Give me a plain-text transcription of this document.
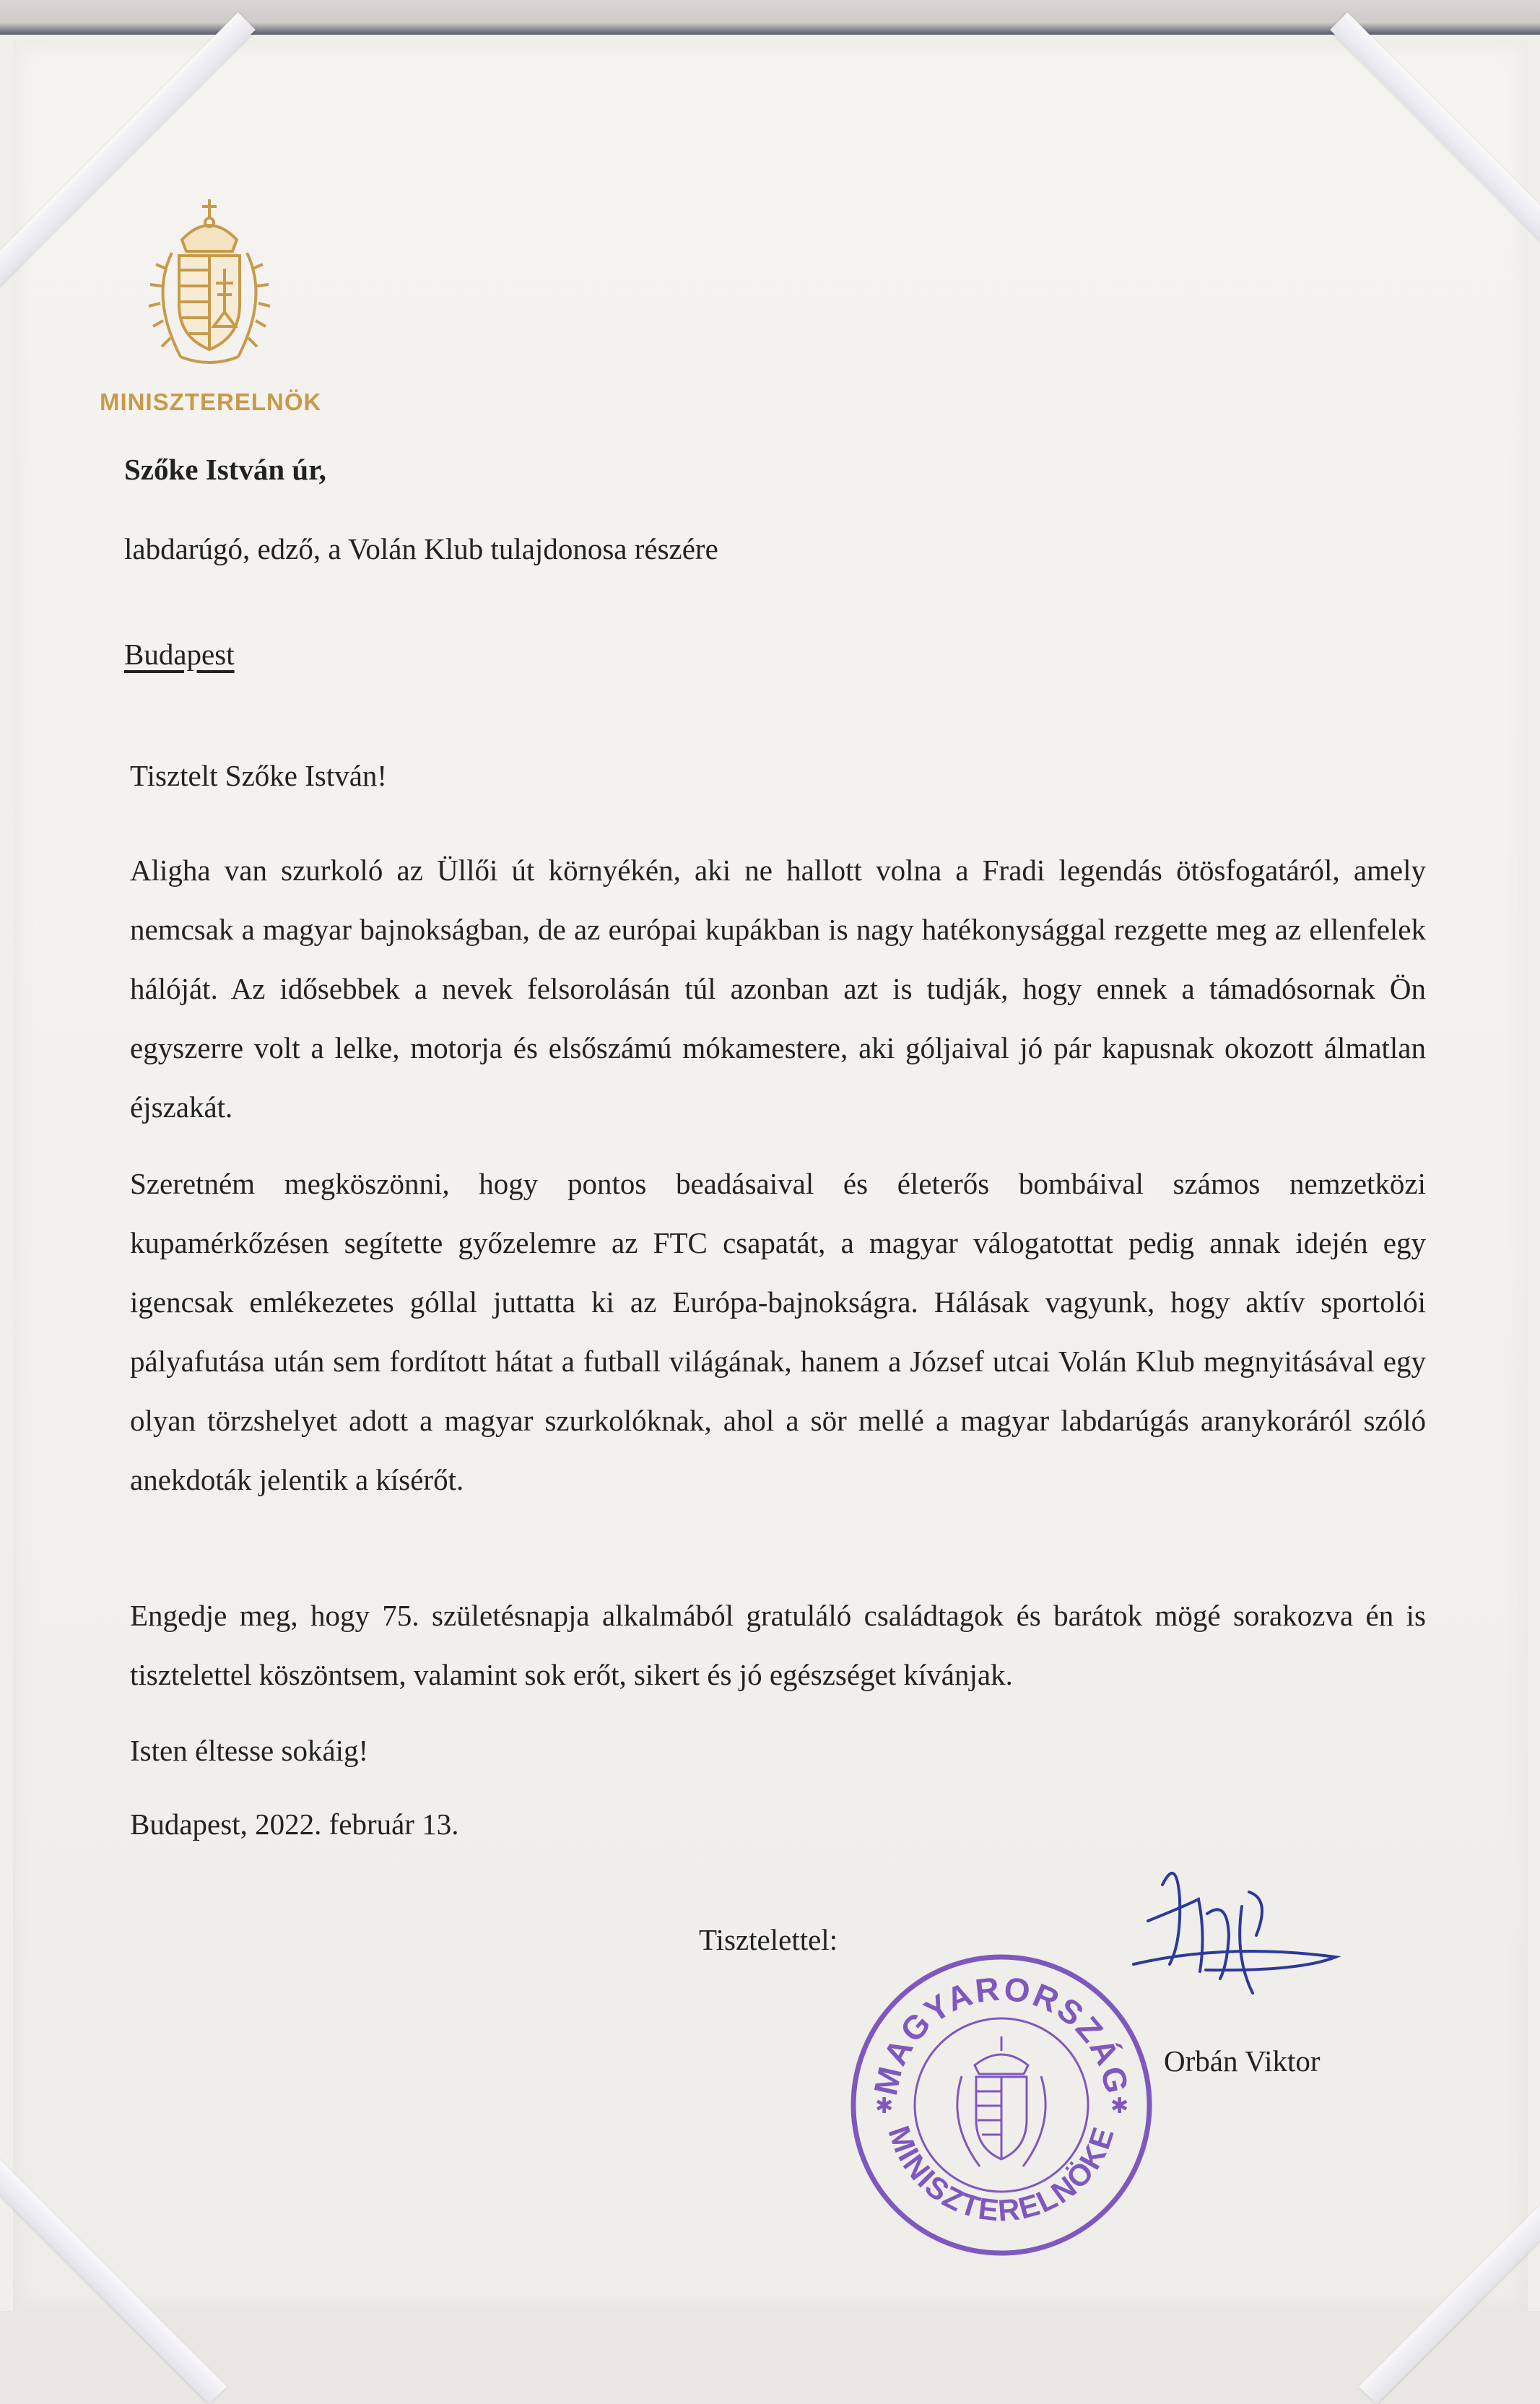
MINISZTERELNÖK
Szőke István úr,
labdarúgó, edző, a Volán Klub tulajdonosa részére
Budapest
Tisztelt Szőke István!

Aligha van szurkoló az Üllői út környékén, aki ne hallott volna a Fradi legendás ötösfogatáról, amely nemcsak a magyar bajnokságban, de az európai kupákban is nagy hatékonysággal rezgette meg az ellenfelek hálóját. Az idősebbek a nevek felsorolásán túl azonban azt is tudják, hogy ennek a támadósornak Ön egyszerre volt a lelke, motorja és elsőszámú mókamestere, aki góljaival jó pár kapusnak okozott álmatlan éjszakát.

Szeretném megköszönni, hogy pontos beadásaival és életerős bombáival számos nemzetközi kupamérkőzésen segítette győzelemre az FTC csapatát, a magyar válogatottat pedig annak idején egy igencsak emlékezetes góllal juttatta ki az Európa-bajnokságra. Hálásak vagyunk, hogy aktív sportolói pályafutása után sem fordított hátat a futball világának, hanem a József utcai Volán Klub megnyitásával egy olyan törzshelyet adott a magyar szurkolóknak, ahol a sör mellé a magyar labdarúgás aranykoráról szóló anekdoták jelentik a kísérőt.

Engedje meg, hogy 75. születésnapja alkalmából gratuláló családtagok és barátok mögé sorakozva én is tisztelettel köszöntsem, valamint sok erőt, sikert és jó egészséget kívánjak.

Isten éltesse sokáig!
Budapest, 2022. február 13.
Tisztelettel:
Orbán Viktor
MAGYARORSZÁG
MINISZTERELNÖKE
✱	✱
